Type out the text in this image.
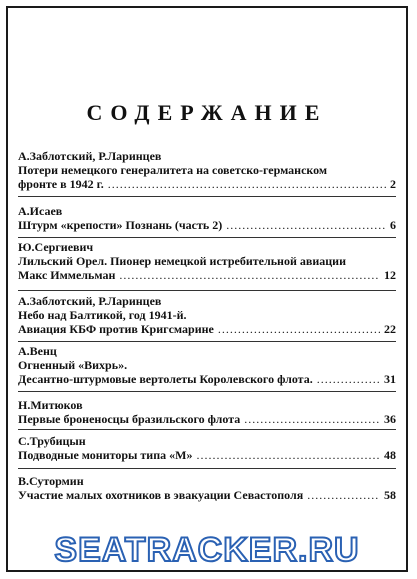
СОДЕРЖАНИЕ
А.Заблотский, Р.Ларинцев
Потери немецкого генералитета на советско-германском
фронте в 1942 г. .....	2
А.Исаев
Штурм «крепости» Познань (часть 2) .....	6
Ю.Сергиевич
Лильский Орел. Пионер немецкой истребительной авиации
Макс Иммельман .....	12
А.Заблотский, Р.Ларинцев
Небо над Балтикой, год 1941-й.
Авиация КБФ против Кригсмарине .....	22
А.Венц
Огненный «Вихрь».
Десантно-штурмовые вертолеты Королевского флота. .....	31
Н.Митюков
Первые броненосцы бразильского флота .....	36
С.Трубицын
Подводные мониторы типа «М» .....	48
В.Сутормин
Участие малых охотников в эвакуации Севастополя .....	58
SEATRACKER.RU
